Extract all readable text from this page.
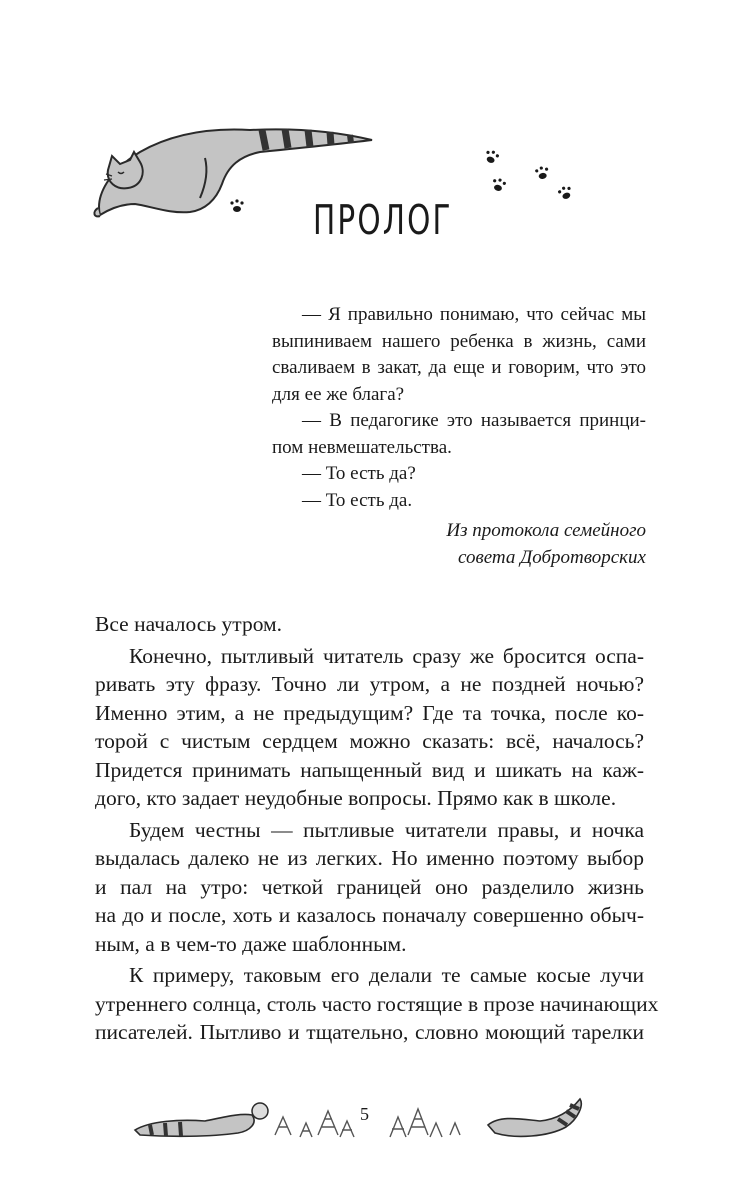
ПРОЛОГ
— Я правильно понимаю, что сейчас мы
выпиниваем нашего ребенка в жизнь, сами
сваливаем в закат, да еще и говорим, что это
для ее же блага?
— В педагогике это называется принци-
пом невмешательства.
— То есть да?
— То есть да.
Из протокола семейного
совета Добротворских
Все началось утром.
Конечно, пытливый читатель сразу же бросится оспа-
ривать эту фразу. Точно ли утром, а не поздней ночью?
Именно этим, а не предыдущим? Где та точка, после ко-
торой с чистым сердцем можно сказать: всё, началось?
Придется принимать напыщенный вид и шикать на каж-
дого, кто задает неудобные вопросы. Прямо как в школе.
Будем честны — пытливые читатели правы, и ночка
выдалась далеко не из легких. Но именно поэтому выбор
и пал на утро: четкой границей оно разделило жизнь
на до и после, хоть и казалось поначалу совершенно обыч-
ным, а в чем-то даже шаблонным.
К примеру, таковым его делали те самые косые лучи
утреннего солнца, столь часто гостящие в прозе начинающих
писателей. Пытливо и тщательно, словно моющий тарелки
5
